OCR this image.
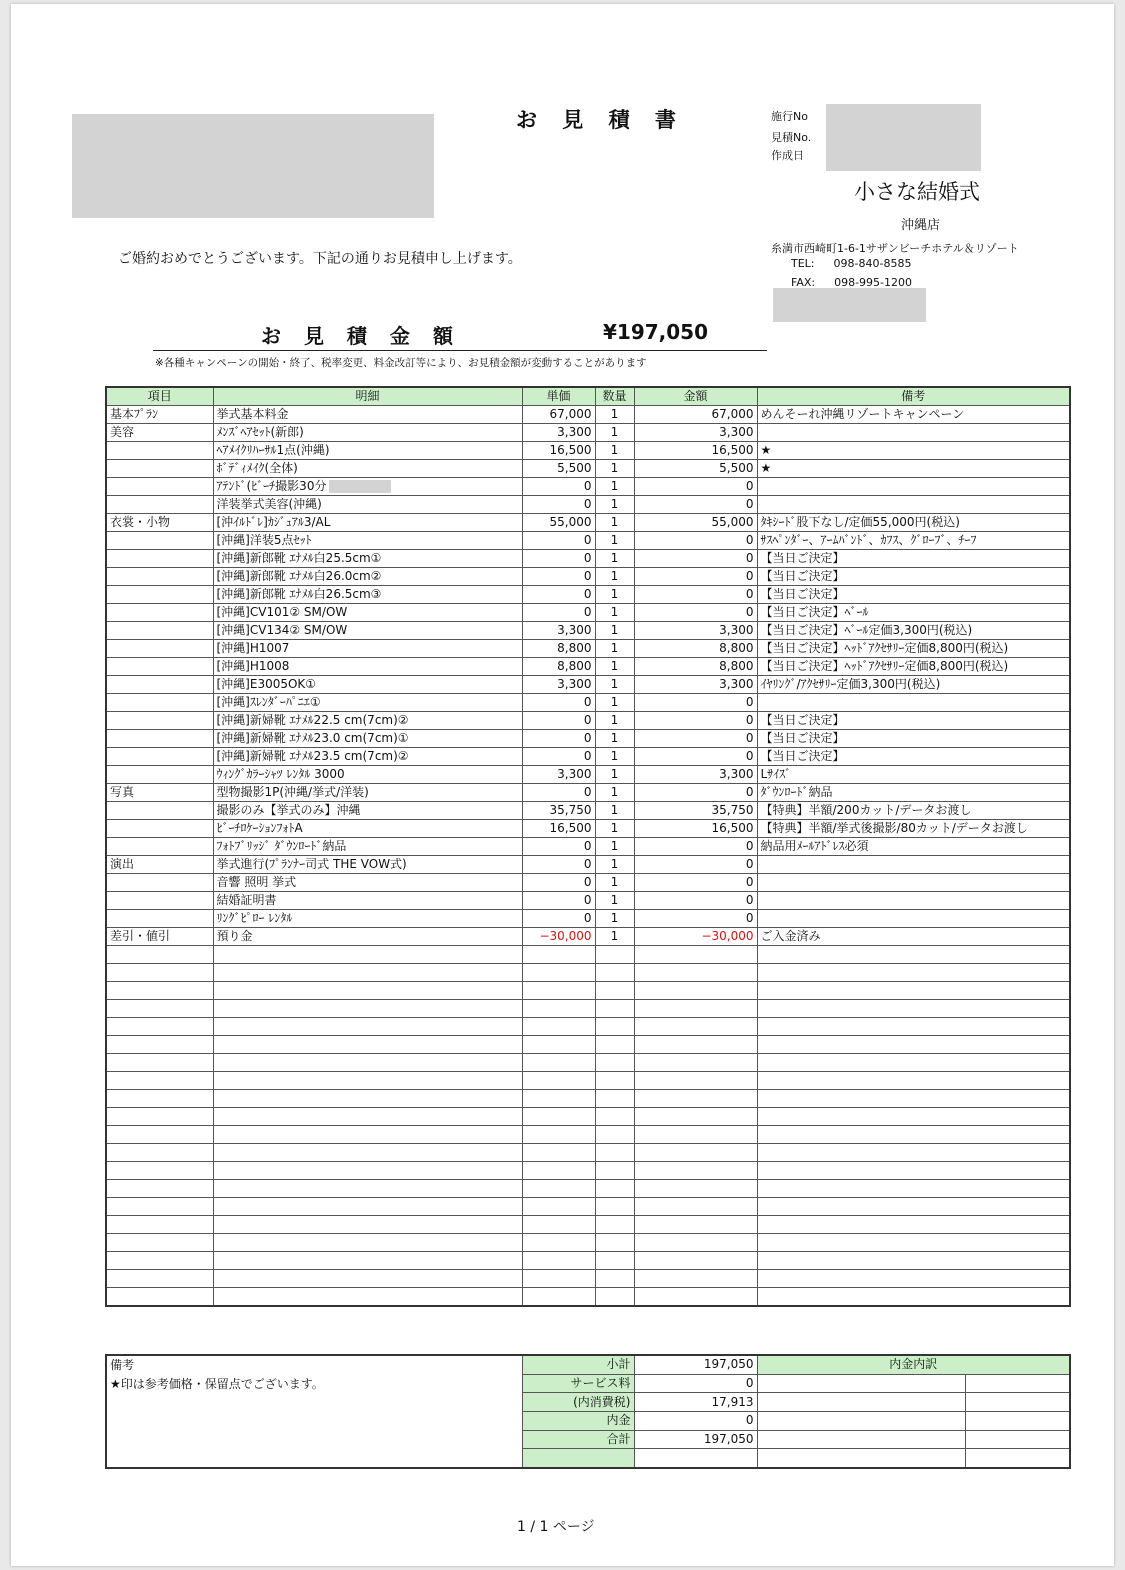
お 見 積 書	施行No
見積No.
作成日
小さな結婚式
沖縄店
糸満市西崎町1-6-1サザンビーチホテル＆リゾート
TEL: 098-840-8585
FAX: 098-995-1200
ご婚約おめでとうございます。下記の通りお見積申し上げます。
お 見 積 金 額	¥197,050
※各種キャンペーンの開始・終了、税率変更、料金改訂等により、お見積金額が変動することがあります
項目	明細	単価	数量	金額	備考
基本ﾌﾟﾗﾝ	挙式基本料金	67,000	1	67,000	めんそーれ沖縄リゾートキャンペーン
美容	ﾒﾝｽﾞﾍｱｾｯﾄ(新郎)	3,300	1	3,300	
	ﾍｱﾒｲｸﾘﾊｰｻﾙ1点(沖縄)	16,500	1	16,500	★
	ﾎﾞﾃﾞｨﾒｲｸ(全体)	5,500	1	5,500	★
	ｱﾃﾝﾄﾞ(ﾋﾞｰﾁ撮影30分	0	1	0	
	洋装挙式美容(沖縄)	0	1	0	
衣裳・小物	[沖ｲﾙﾄﾞﾚ]ｶｼﾞｭｱﾙ3/AL	55,000	1	55,000	ﾀｷｼｰﾄﾞ股下なし/定価55,000円(税込)
	[沖縄]洋装5点ｾｯﾄ	0	1	0	ｻｽﾍﾟﾝﾀﾞｰ、ｱｰﾑﾊﾞﾝﾄﾞ、ｶﾌｽ、ｸﾞﾛｰﾌﾞ、ﾁｰﾌ
	[沖縄]新郎靴 ｴﾅﾒﾙ白25.5cm①	0	1	0	【当日ご決定】
	[沖縄]新郎靴 ｴﾅﾒﾙ白26.0cm②	0	1	0	【当日ご決定】
	[沖縄]新郎靴 ｴﾅﾒﾙ白26.5cm③	0	1	0	【当日ご決定】
	[沖縄]CV101② SM/OW	0	1	0	【当日ご決定】ﾍﾞｰﾙ
	[沖縄]CV134② SM/OW	3,300	1	3,300	【当日ご決定】ﾍﾞｰﾙ定価3,300円(税込)
	[沖縄]H1007	8,800	1	8,800	【当日ご決定】ﾍｯﾄﾞｱｸｾｻﾘｰ定価8,800円(税込)
	[沖縄]H1008	8,800	1	8,800	【当日ご決定】ﾍｯﾄﾞｱｸｾｻﾘｰ定価8,800円(税込)
	[沖縄]E3005OK①	3,300	1	3,300	ｲﾔﾘﾝｸﾞ/ｱｸｾｻﾘｰ定価3,300円(税込)
	[沖縄]ｽﾚﾝﾀﾞｰﾊﾟﾆｴ①	0	1	0	
	[沖縄]新婦靴 ｴﾅﾒﾙ22.5 cm(7cm)②	0	1	0	【当日ご決定】
	[沖縄]新婦靴 ｴﾅﾒﾙ23.0 cm(7cm)①	0	1	0	【当日ご決定】
	[沖縄]新婦靴 ｴﾅﾒﾙ23.5 cm(7cm)②	0	1	0	【当日ご決定】
	ｳｨﾝｸﾞｶﾗｰｼｬﾂ ﾚﾝﾀﾙ 3000	3,300	1	3,300	Lｻｲｽﾞ
写真	型物撮影1P(沖縄/挙式/洋装)	0	1	0	ﾀﾞｳﾝﾛｰﾄﾞ納品
	撮影のみ【挙式のみ】沖縄	35,750	1	35,750	【特典】半額/200カット/データお渡し
	ﾋﾞｰﾁﾛｹｰｼｮﾝﾌｫﾄA	16,500	1	16,500	【特典】半額/挙式後撮影/80カット/データお渡し
	ﾌｫﾄﾌﾞﾘｯｼﾞ ﾀﾞｳﾝﾛｰﾄﾞ納品	0	1	0	納品用ﾒｰﾙｱﾄﾞﾚｽ必須
演出	挙式進行(ﾌﾟﾗﾝﾅｰ司式 THE VOW式)	0	1	0	
	音響 照明 挙式	0	1	0	
	結婚証明書	0	1	0	
	ﾘﾝｸﾞﾋﾟﾛｰ ﾚﾝﾀﾙ	0	1	0	
差引・値引	預り金	−30,000	1	−30,000	ご入金済み

備考
★印は参考価格・保留点でございます。	小計	197,050	内金内訳	
	サービス料	0		
	(内消費税)	17,913		
	内金	0		
	合計	197,050		

1 / 1 ページ
